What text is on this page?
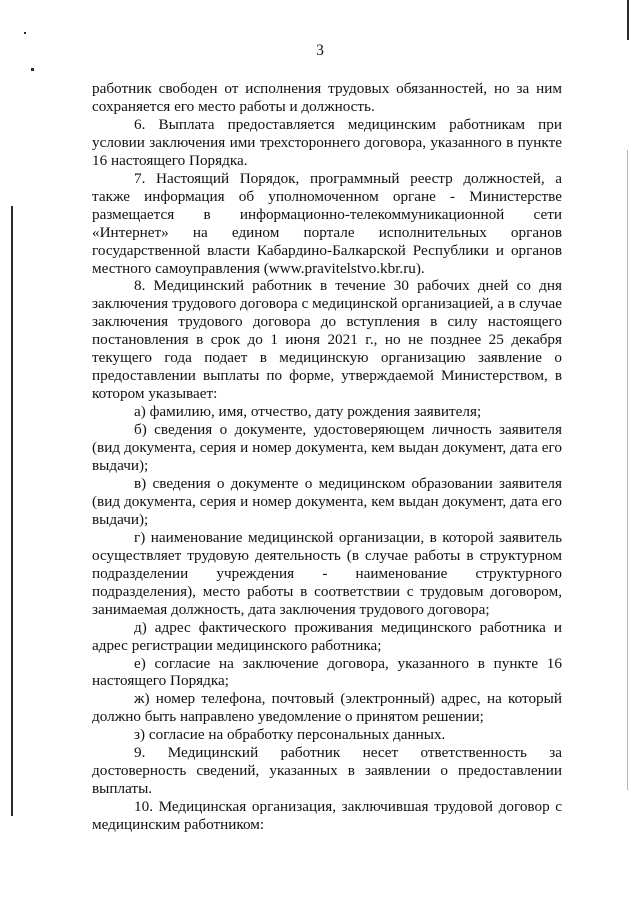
3

работник свободен от исполнения трудовых обязанностей, но за ним сохраняется его место работы и должность.

6. Выплата предоставляется медицинским работникам при условии заключения ими трехстороннего договора, указанного в пункте 16 настоящего Порядка.

7. Настоящий Порядок, программный реестр должностей, а также информация об уполномоченном органе - Министерстве размещается в информационно-телекоммуникационной сети «Интернет» на едином портале исполнительных органов государственной власти Кабардино-Балкарской Республики и органов местного самоуправления (www.pravitelstvo.kbr.ru).

8. Медицинский работник в течение 30 рабочих дней со дня заключения трудового договора с медицинской организацией, а в случае заключения трудового договора до вступления в силу настоящего постановления в срок до 1 июня 2021 г., но не позднее 25 декабря текущего года подает в медицинскую организацию заявление о предоставлении выплаты по форме, утверждаемой Министерством, в котором указывает:

а) фамилию, имя, отчество, дату рождения заявителя;

б) сведения о документе, удостоверяющем личность заявителя (вид документа, серия и номер документа, кем выдан документ, дата его выдачи);

в) сведения о документе о медицинском образовании заявителя (вид документа, серия и номер документа, кем выдан документ, дата его выдачи);

г) наименование медицинской организации, в которой заявитель осуществляет трудовую деятельность (в случае работы в структурном подразделении учреждения - наименование структурного подразделения), место работы в соответствии с трудовым договором, занимаемая должность, дата заключения трудового договора;

д) адрес фактического проживания медицинского работника и адрес регистрации медицинского работника;

е) согласие на заключение договора, указанного в пункте 16 настоящего Порядка;

ж) номер телефона, почтовый (электронный) адрес, на который должно быть направлено уведомление о принятом решении;

з) согласие на обработку персональных данных.

9. Медицинский работник несет ответственность за достоверность сведений, указанных в заявлении о предоставлении выплаты.

10. Медицинская организация, заключившая трудовой договор с медицинским работником:
